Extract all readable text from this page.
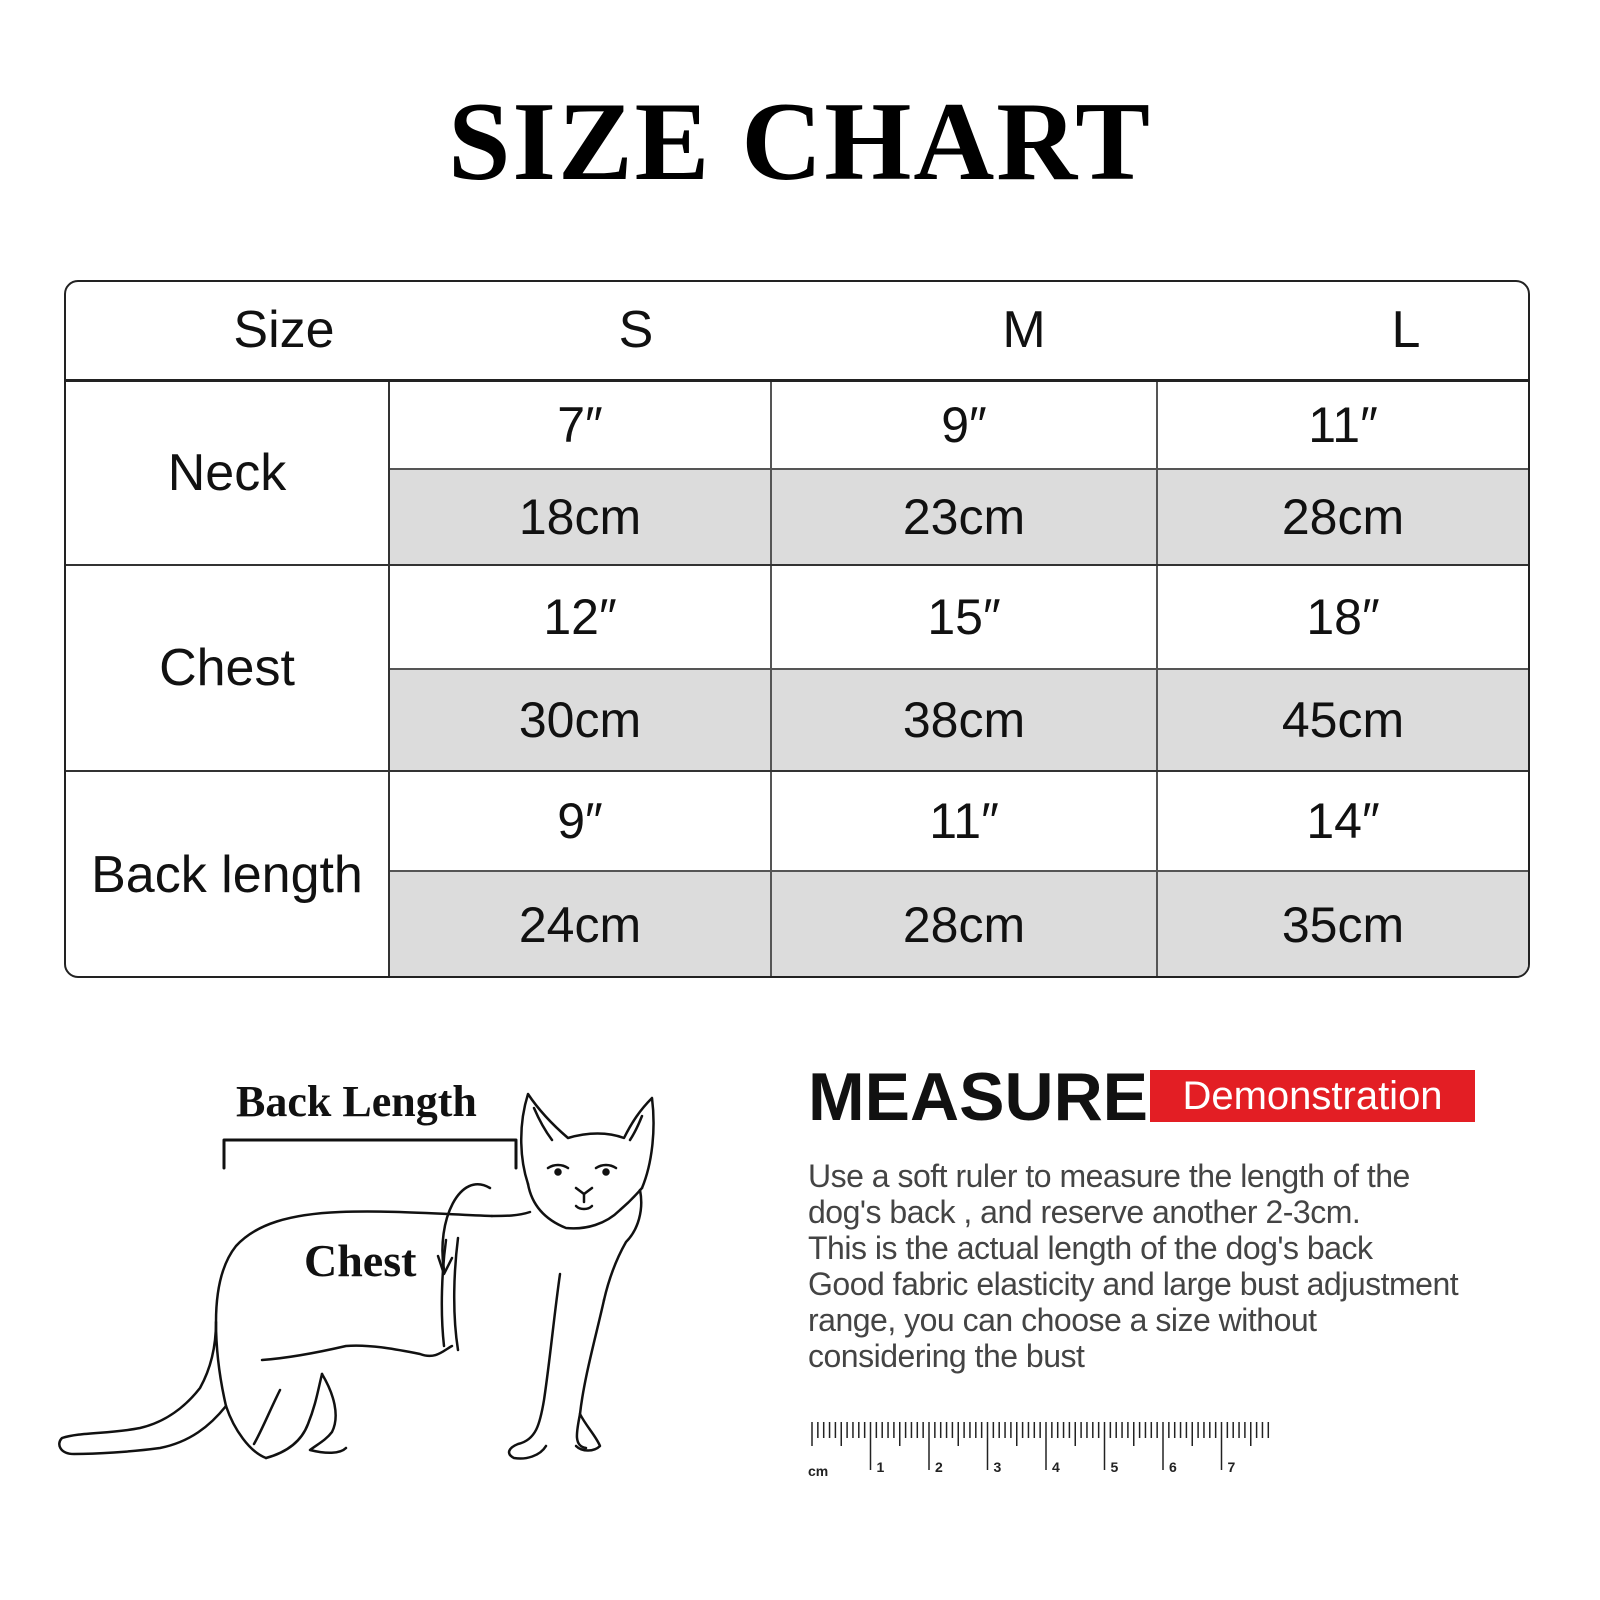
SIZE CHART
Size	S	M	L
Neck
7″	9″	11″
18cm	23cm	28cm
Chest
12″	15″	18″
30cm	38cm	45cm
Back length
9″	11″	14″
24cm	28cm	35cm
Back Length
Chest
MEASURE Demonstration
Use a soft ruler to measure the length of the
dog's back , and reserve another 2-3cm.
This is the actual length of the dog's back
Good fabric elasticity and large bust adjustment
range, you can choose a size without
considering the bust
cm	1	2	3	4	5	6	7
